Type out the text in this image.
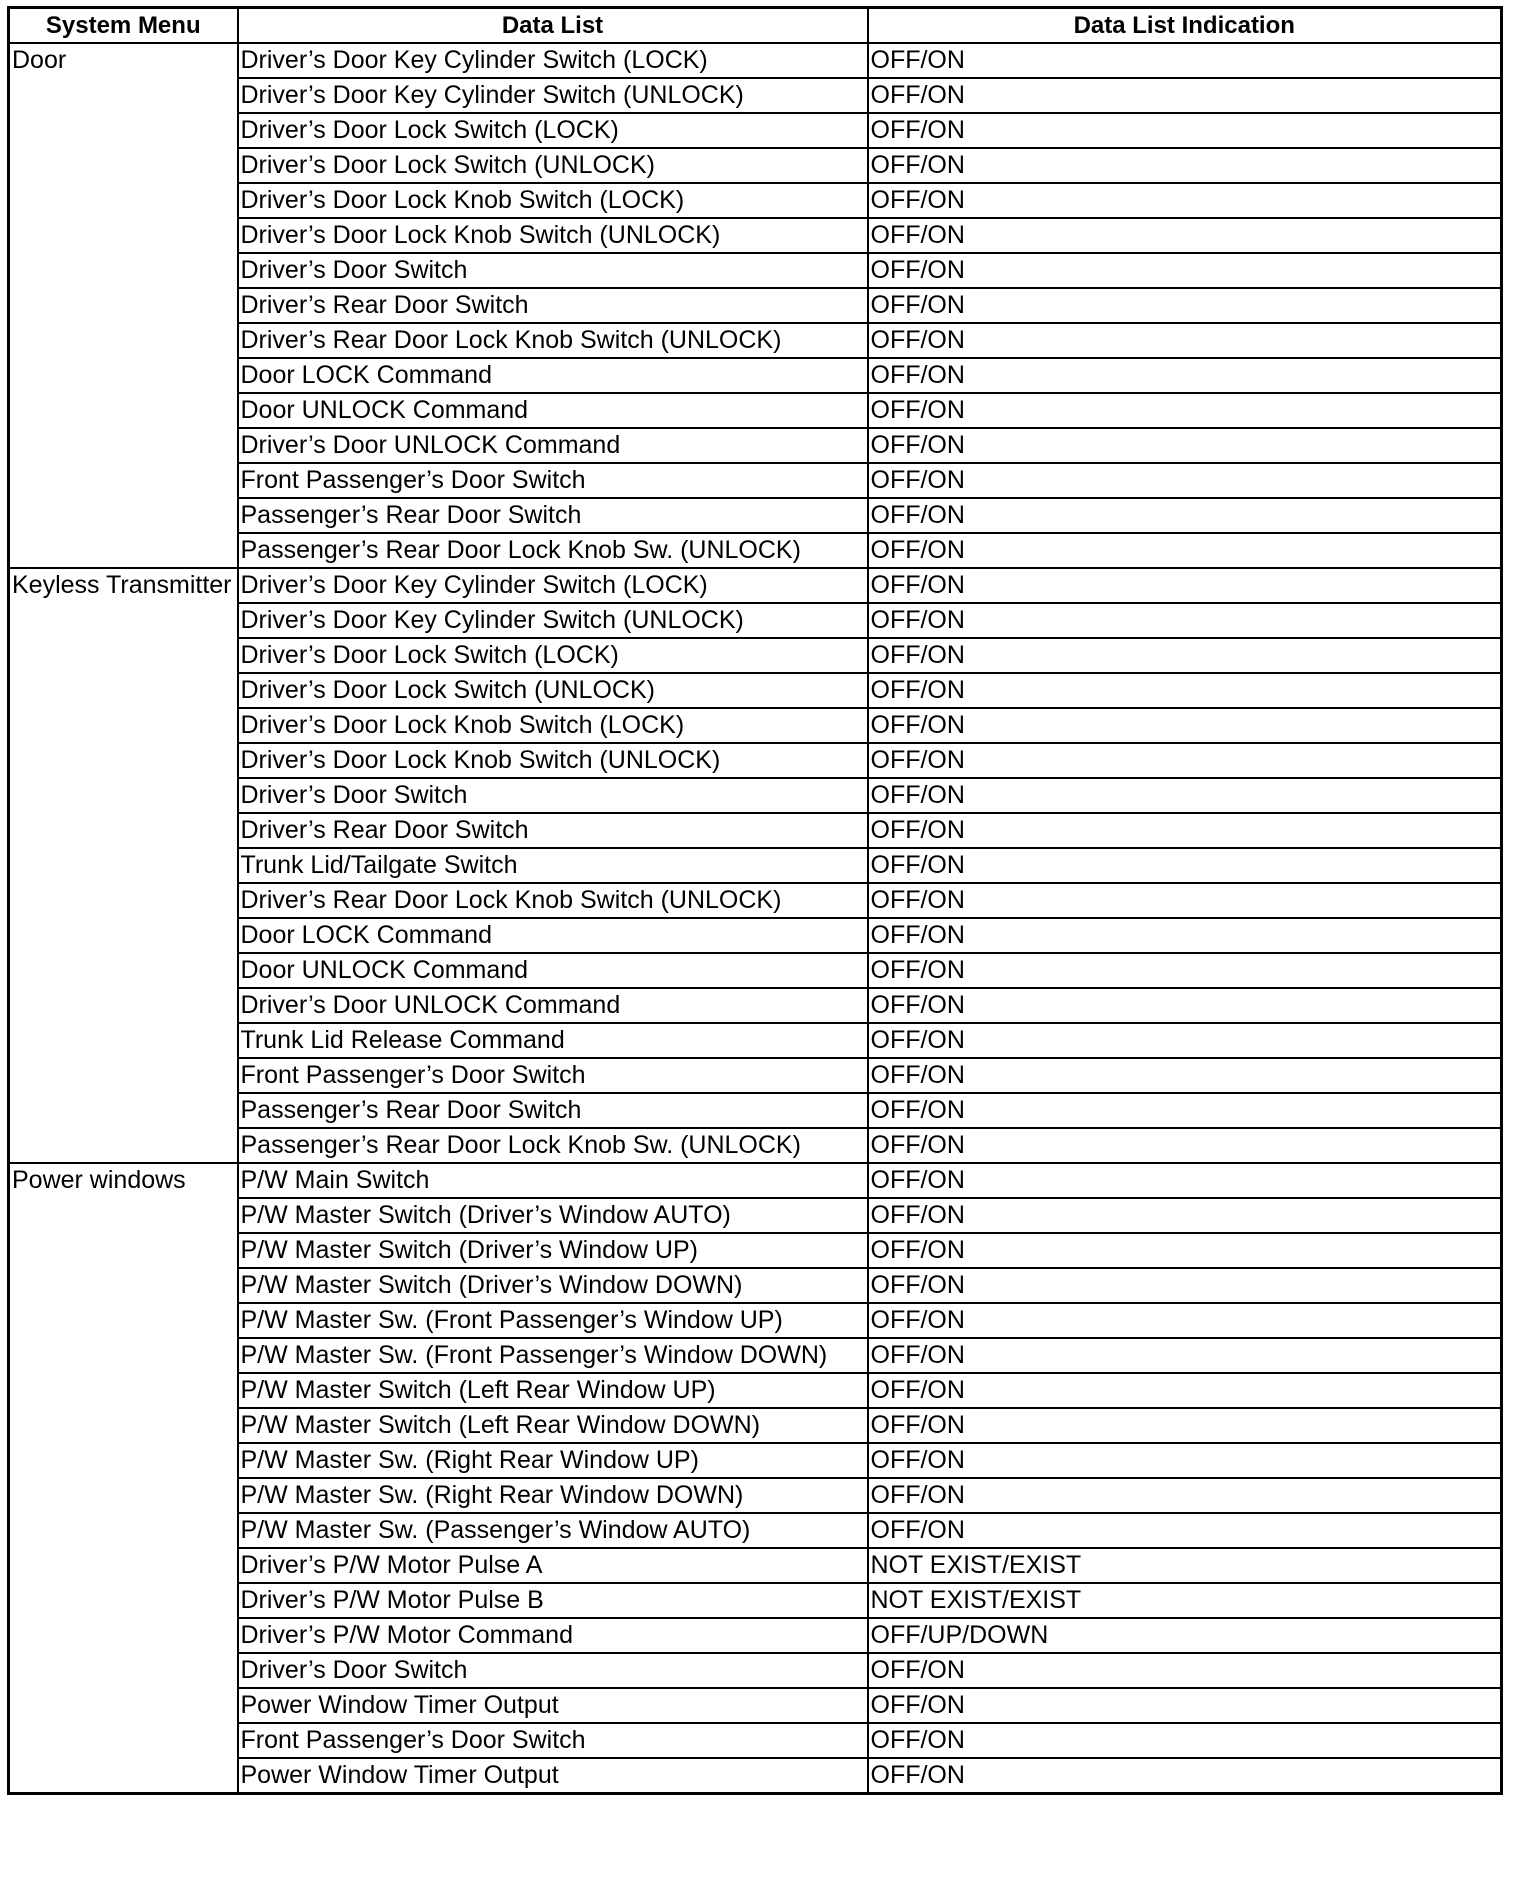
System Menu	Data List	Data List Indication
Door	Driver’s Door Key Cylinder Switch (LOCK)	OFF/ON
	Driver’s Door Key Cylinder Switch (UNLOCK)	OFF/ON
	Driver’s Door Lock Switch (LOCK)	OFF/ON
	Driver’s Door Lock Switch (UNLOCK)	OFF/ON
	Driver’s Door Lock Knob Switch (LOCK)	OFF/ON
	Driver’s Door Lock Knob Switch (UNLOCK)	OFF/ON
	Driver’s Door Switch	OFF/ON
	Driver’s Rear Door Switch	OFF/ON
	Driver’s Rear Door Lock Knob Switch (UNLOCK)	OFF/ON
	Door LOCK Command	OFF/ON
	Door UNLOCK Command	OFF/ON
	Driver’s Door UNLOCK Command	OFF/ON
	Front Passenger’s Door Switch	OFF/ON
	Passenger’s Rear Door Switch	OFF/ON
	Passenger’s Rear Door Lock Knob Sw. (UNLOCK)	OFF/ON
Keyless Transmitter	Driver’s Door Key Cylinder Switch (LOCK)	OFF/ON
	Driver’s Door Key Cylinder Switch (UNLOCK)	OFF/ON
	Driver’s Door Lock Switch (LOCK)	OFF/ON
	Driver’s Door Lock Switch (UNLOCK)	OFF/ON
	Driver’s Door Lock Knob Switch (LOCK)	OFF/ON
	Driver’s Door Lock Knob Switch (UNLOCK)	OFF/ON
	Driver’s Door Switch	OFF/ON
	Driver’s Rear Door Switch	OFF/ON
	Trunk Lid/Tailgate Switch	OFF/ON
	Driver’s Rear Door Lock Knob Switch (UNLOCK)	OFF/ON
	Door LOCK Command	OFF/ON
	Door UNLOCK Command	OFF/ON
	Driver’s Door UNLOCK Command	OFF/ON
	Trunk Lid Release Command	OFF/ON
	Front Passenger’s Door Switch	OFF/ON
	Passenger’s Rear Door Switch	OFF/ON
	Passenger’s Rear Door Lock Knob Sw. (UNLOCK)	OFF/ON
Power windows	P/W Main Switch	OFF/ON
	P/W Master Switch (Driver’s Window AUTO)	OFF/ON
	P/W Master Switch (Driver’s Window UP)	OFF/ON
	P/W Master Switch (Driver’s Window DOWN)	OFF/ON
	P/W Master Sw. (Front Passenger’s Window UP)	OFF/ON
	P/W Master Sw. (Front Passenger’s Window DOWN)	OFF/ON
	P/W Master Switch (Left Rear Window UP)	OFF/ON
	P/W Master Switch (Left Rear Window DOWN)	OFF/ON
	P/W Master Sw. (Right Rear Window UP)	OFF/ON
	P/W Master Sw. (Right Rear Window DOWN)	OFF/ON
	P/W Master Sw. (Passenger’s Window AUTO)	OFF/ON
	Driver’s P/W Motor Pulse A	NOT EXIST/EXIST
	Driver’s P/W Motor Pulse B	NOT EXIST/EXIST
	Driver’s P/W Motor Command	OFF/UP/DOWN
	Driver’s Door Switch	OFF/ON
	Power Window Timer Output	OFF/ON
	Front Passenger’s Door Switch	OFF/ON
	Power Window Timer Output	OFF/ON
